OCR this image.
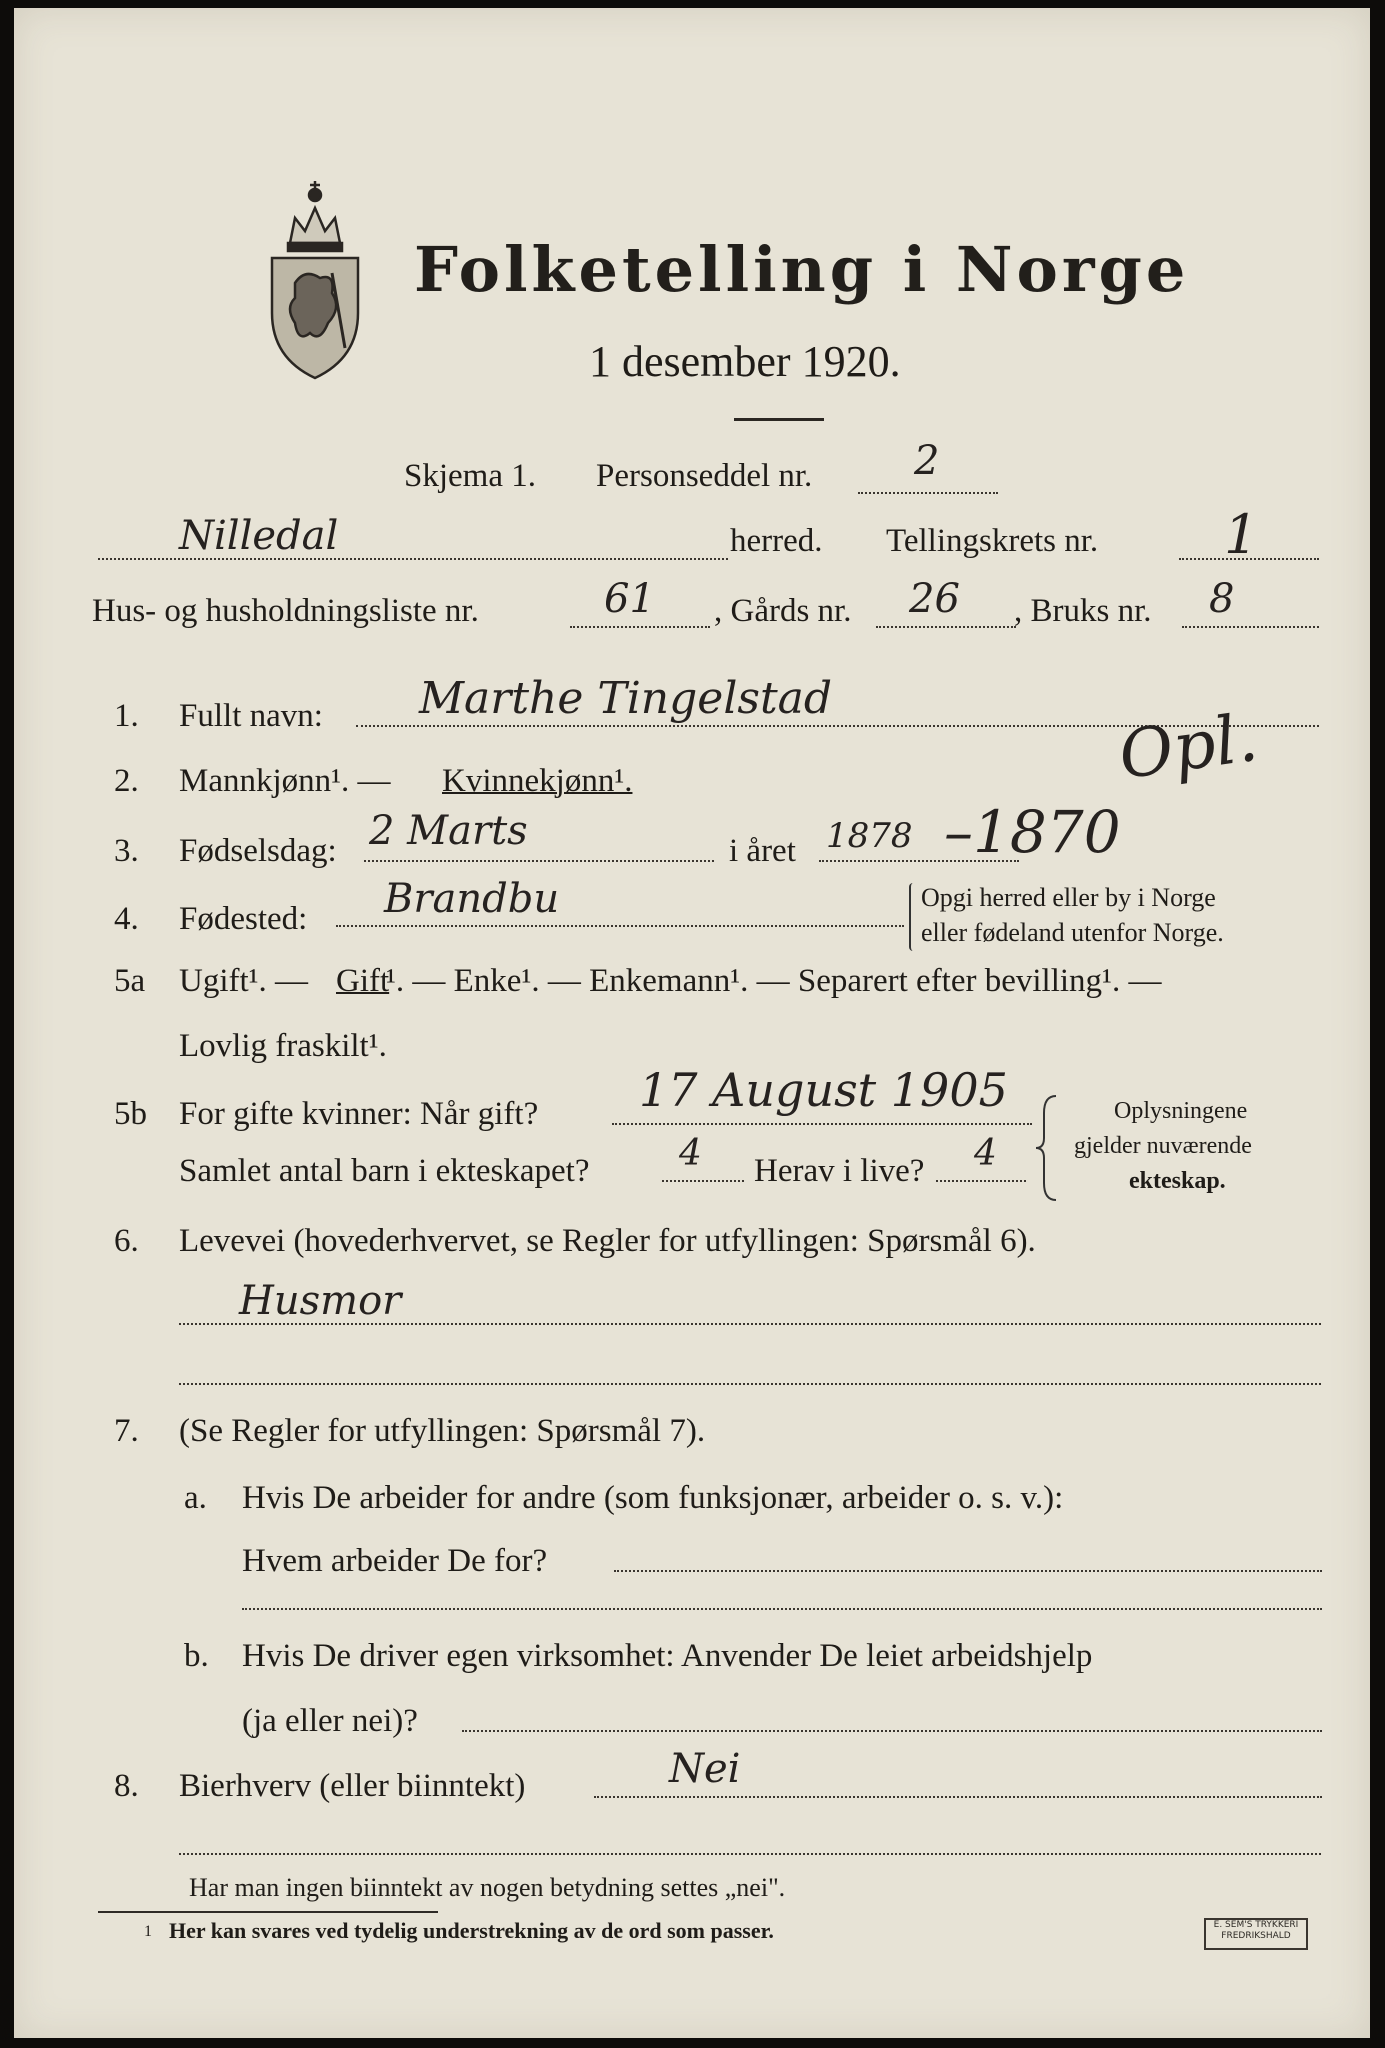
Folketelling i Norge
1 desember 1920.
Skjema 1. Personseddel nr.	2
Nilledal	herred. Tellingskrets nr. 1
Hus- og husholdningsliste nr.	61 , Gårds nr. 26 , Bruks nr. 8
1. Fullt navn: Marthe Tingelstad
Opl.
2. Mannkjønn¹. — Kvinnekjønn¹.
3. Fødselsdag: 2 Marts	i året 1878 –1870
4. Fødested: Brandbu	Opgi herred eller by i Norge
eller fødeland utenfor Norge.
5a Ugift¹. — Gift
¹. — Enke¹. — Enkemann¹. — Separert efter bevilling¹. —
Lovlig fraskilt¹.
5b For gifte kvinner: Når gift? 17 August 1905
Samlet antal barn i ekteskapet? 4 Herav i live? 4
Oplysningene
gjelder nuværende
ekteskap.
6. Levevei (hovederhvervet, se Regler for utfyllingen: Spørsmål 6).
Husmor
7. (Se Regler for utfyllingen: Spørsmål 7).
a. Hvis De arbeider for andre (som funksjonær, arbeider o. s. v.):
Hvem arbeider De for?
b. Hvis De driver egen virksomhet: Anvender De leiet arbeidshjelp
(ja eller nei)?
8. Bierhverv (eller biinntekt)	Nei
Har man ingen biinntekt av nogen betydning settes „nei".
1 Her kan svares ved tydelig understrekning av de ord som passer.	E. SEM'S TRYKKERI FREDRIKSHALD
